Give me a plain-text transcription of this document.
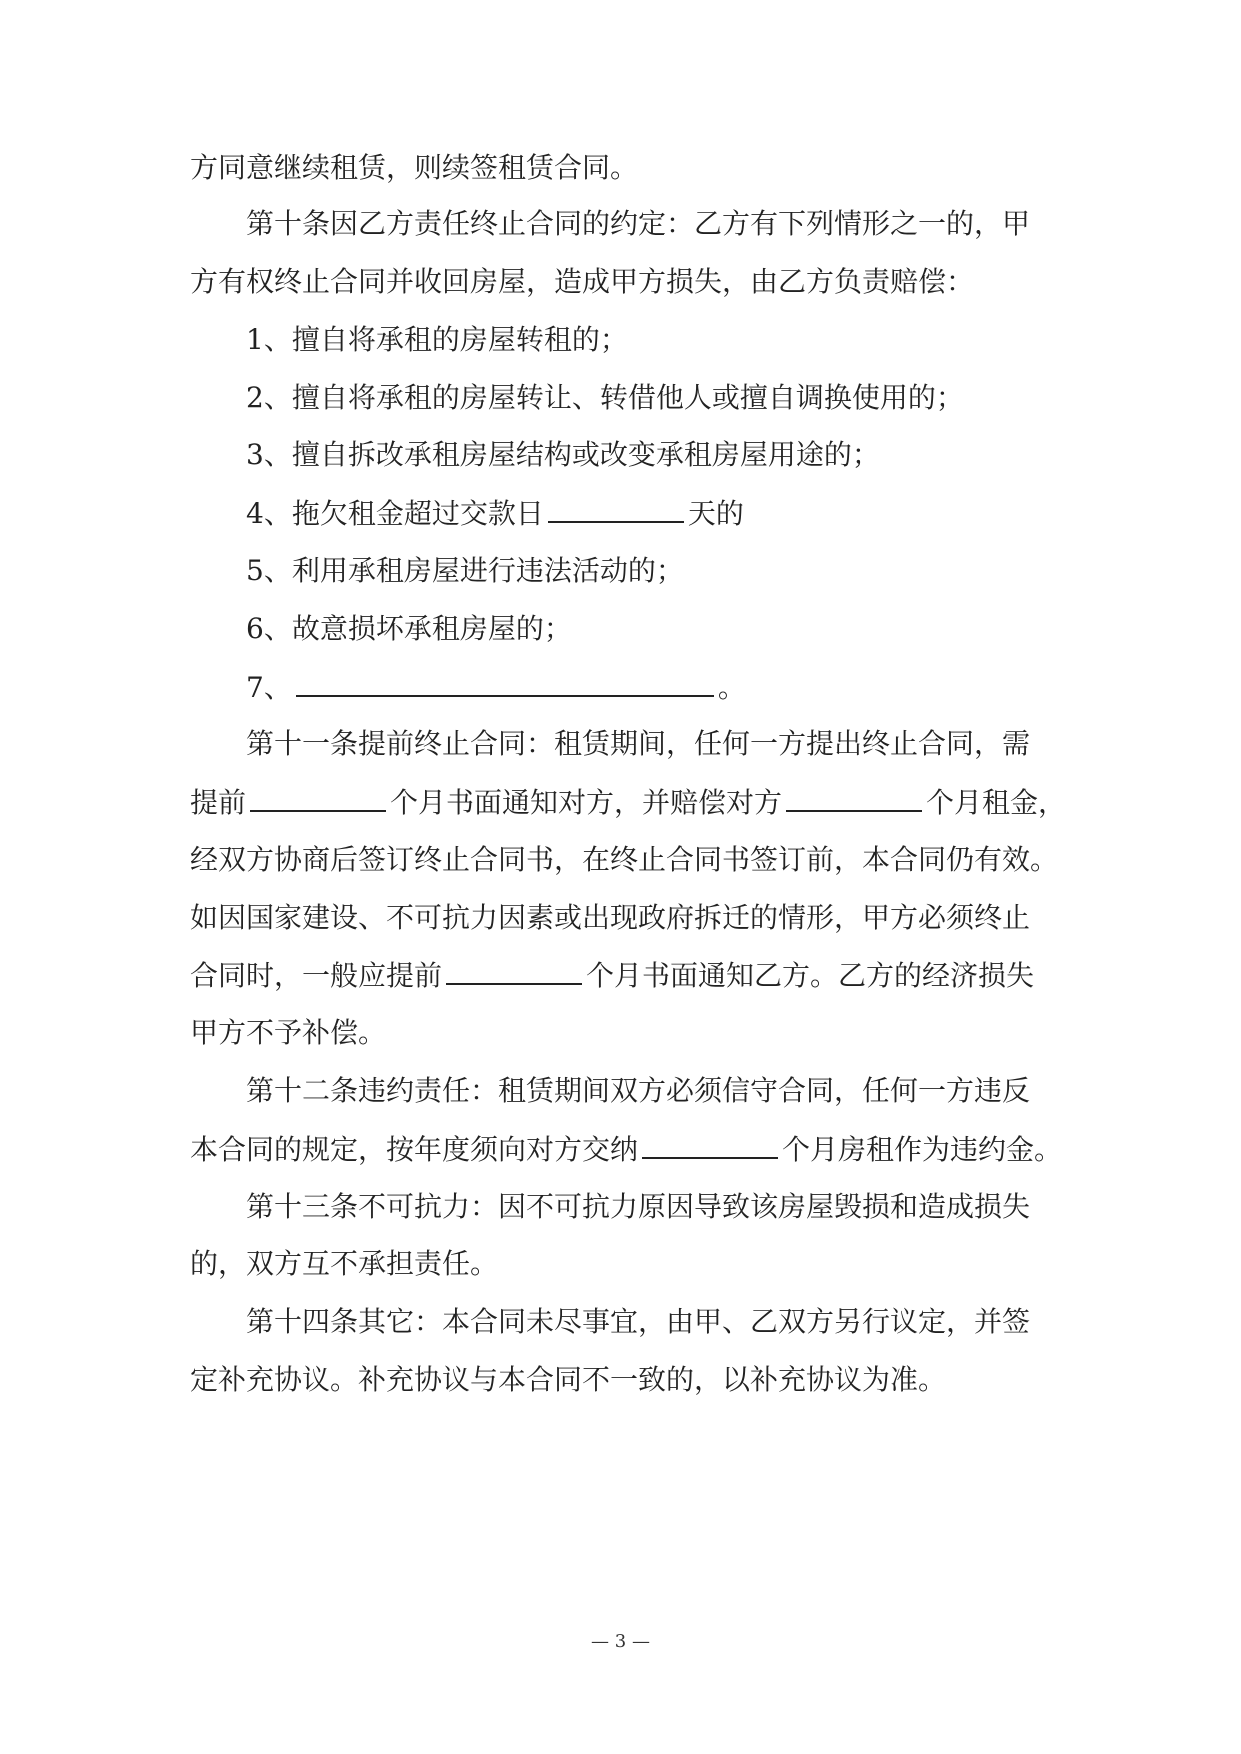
方同意继续租赁，则续签租赁合同。
第十条因乙方责任终止合同的约定：乙方有下列情形之一的，甲
方有权终止合同并收回房屋，造成甲方损失，由乙方负责赔偿：
1、擅自将承租的房屋转租的；
2、擅自将承租的房屋转让、转借他人或擅自调换使用的；
3、擅自拆改承租房屋结构或改变承租房屋用途的；
4、拖欠租金超过交款日	天的
5、利用承租房屋进行违法活动的；
6、故意损坏承租房屋的；
7、	。
第十一条提前终止合同：租赁期间，任何一方提出终止合同，需
提前	个月书面通知对方，并赔偿对方	个月租金，
经双方协商后签订终止合同书，在终止合同书签订前，本合同仍有效。
如因国家建设、不可抗力因素或出现政府拆迁的情形，甲方必须终止
合同时，一般应提前	个月书面通知乙方。乙方的经济损失
甲方不予补偿。
第十二条违约责任：租赁期间双方必须信守合同，任何一方违反
本合同的规定，按年度须向对方交纳	个月房租作为违约金。
第十三条不可抗力：因不可抗力原因导致该房屋毁损和造成损失
的，双方互不承担责任。
第十四条其它：本合同未尽事宜，由甲、乙双方另行议定，并签
定补充协议。补充协议与本合同不一致的，以补充协议为准。
— 3 —
